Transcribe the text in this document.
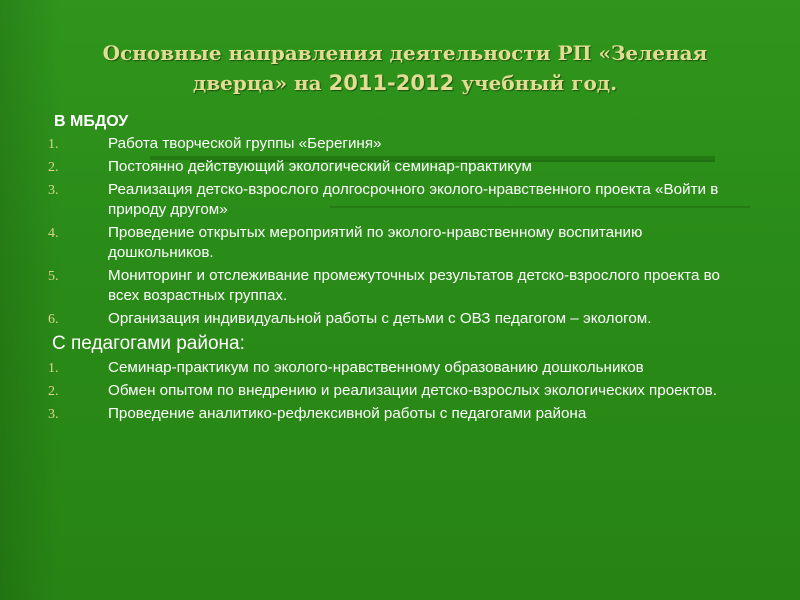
Основные направления деятельности РП «Зеленая
дверца» на 2011-2012 учебный год.
В МБДОУ
1.	Работа творческой группы «Берегиня»
2.	Постоянно действующий экологический семинар-практикум
3.	Реализация детско-взрослого долгосрочного эколого-нравственного проекта «Войти в природу другом»
4.	Проведение открытых мероприятий по эколого-нравственному воспитанию дошкольников.
5.	Мониторинг и отслеживание промежуточных результатов детско-взрослого проекта во всех возрастных группах.
6.	Организация индивидуальной работы с детьми с ОВЗ педагогом – экологом.
С педагогами района:
1.	Семинар-практикум по эколого-нравственному образованию дошкольников
2.	Обмен опытом по внедрению и реализации детско-взрослых экологических проектов.
3.	Проведение аналитико-рефлексивной работы с педагогами района
